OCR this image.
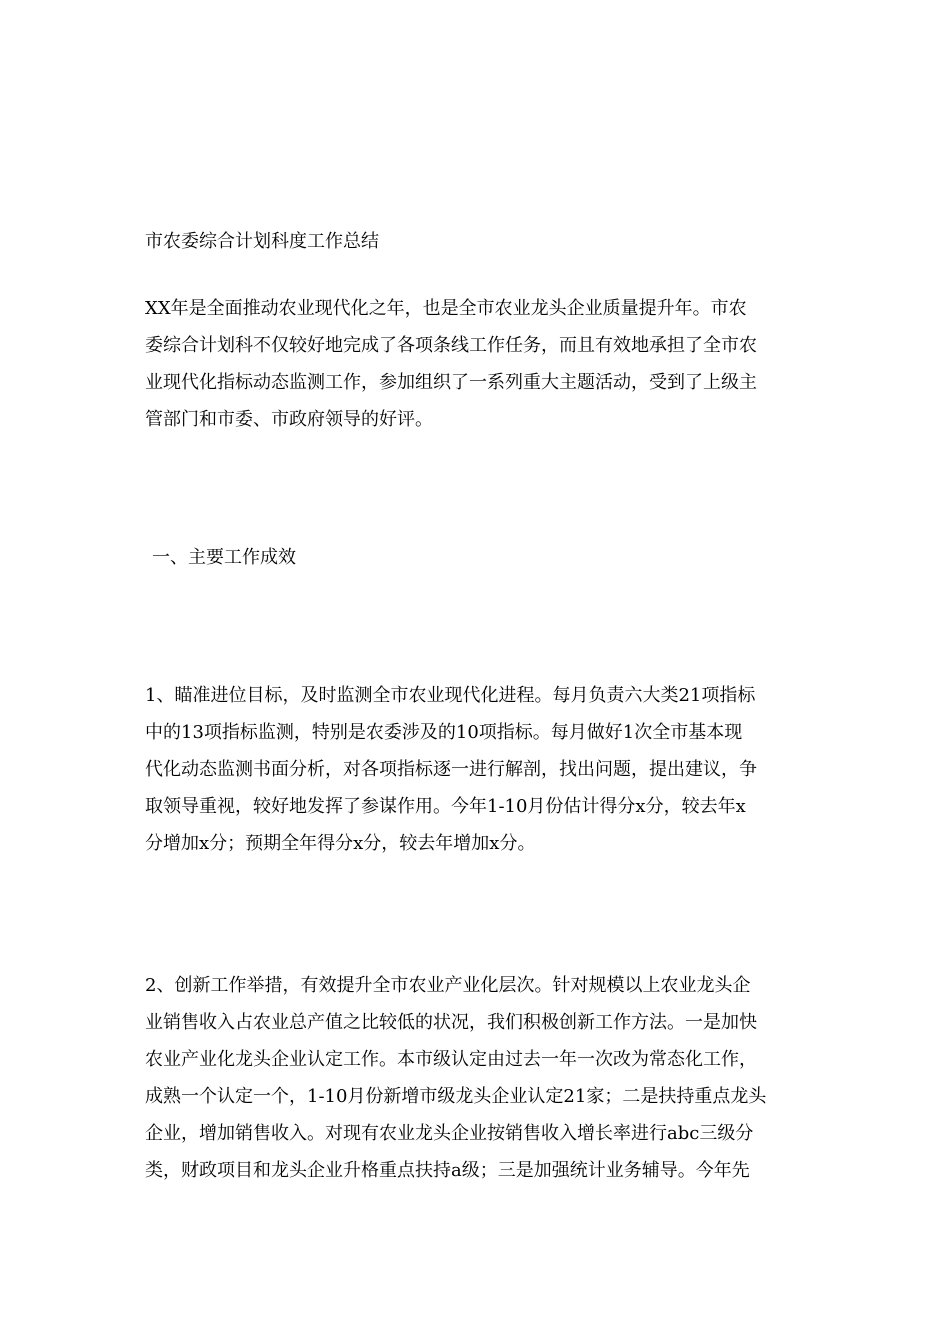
市农委综合计划科度工作总结
XX年是全面推动农业现代化之年，也是全市农业龙头企业质量提升年。市农
委综合计划科不仅较好地完成了各项条线工作任务，而且有效地承担了全市农
业现代化指标动态监测工作，参加组织了一系列重大主题活动，受到了上级主
管部门和市委、市政府领导的好评。
一、主要工作成效
1、瞄准进位目标，及时监测全市农业现代化进程。每月负责六大类21项指标
中的13项指标监测，特别是农委涉及的10项指标。每月做好1次全市基本现
代化动态监测书面分析，对各项指标逐一进行解剖，找出问题，提出建议，争
取领导重视，较好地发挥了参谋作用。今年1-10月份估计得分x分，较去年x
分增加x分；预期全年得分x分，较去年增加x分。
2、创新工作举措，有效提升全市农业产业化层次。针对规模以上农业龙头企
业销售收入占农业总产值之比较低的状况，我们积极创新工作方法。一是加快
农业产业化龙头企业认定工作。本市级认定由过去一年一次改为常态化工作，
成熟一个认定一个，1-10月份新增市级龙头企业认定21家；二是扶持重点龙头
企业，增加销售收入。对现有农业龙头企业按销售收入增长率进行abc三级分
类，财政项目和龙头企业升格重点扶持a级；三是加强统计业务辅导。今年先
